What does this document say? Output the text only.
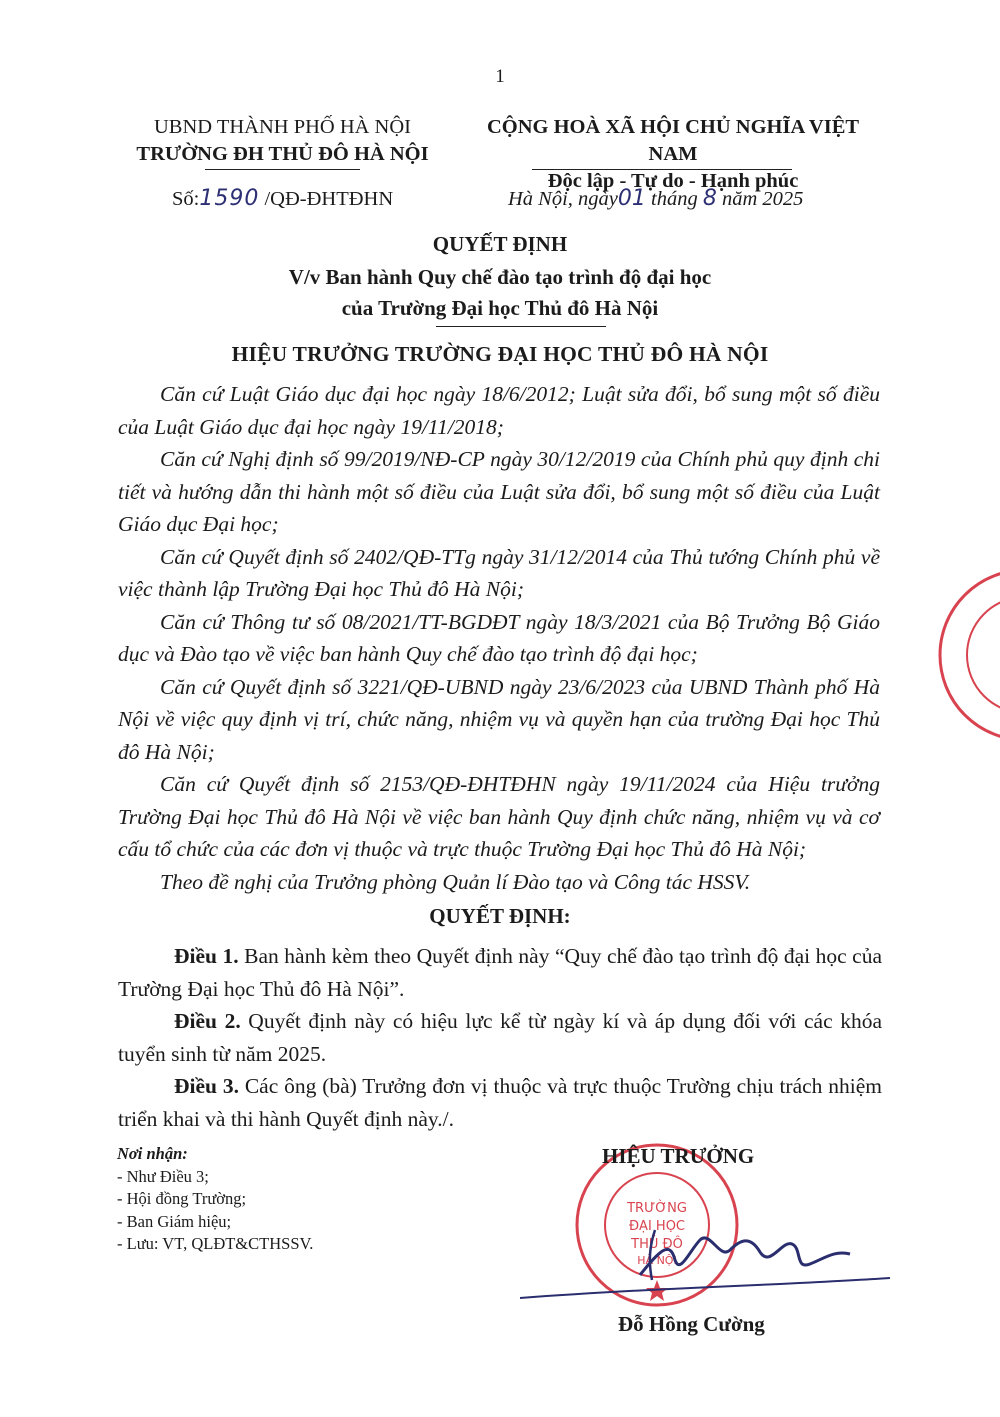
1
UBND THÀNH PHỐ HÀ NỘI
TRƯỜNG ĐH THỦ ĐÔ HÀ NỘI
CỘNG HOÀ XÃ HỘI CHỦ NGHĨA VIỆT NAM
Độc lập - Tự do - Hạnh phúc
Số:1590 /QĐ-ĐHTĐHN	Hà Nội, ngày01 tháng 8 năm 2025
QUYẾT ĐỊNH
V/v Ban hành Quy chế đào tạo trình độ đại học
của Trường Đại học Thủ đô Hà Nội
HIỆU TRƯỞNG TRƯỜNG ĐẠI HỌC THỦ ĐÔ HÀ NỘI

Căn cứ Luật Giáo dục đại học ngày 18/6/2012; Luật sửa đổi, bổ sung một số điều của Luật Giáo dục đại học ngày 19/11/2018;

Căn cứ Nghị định số 99/2019/NĐ-CP ngày 30/12/2019 của Chính phủ quy định chi tiết và hướng dẫn thi hành một số điều của Luật sửa đổi, bổ sung một số điều của Luật Giáo dục Đại học;

Căn cứ Quyết định số 2402/QĐ-TTg ngày 31/12/2014 của Thủ tướng Chính phủ về việc thành lập Trường Đại học Thủ đô Hà Nội;

Căn cứ Thông tư số 08/2021/TT-BGDĐT ngày 18/3/2021 của Bộ Trưởng Bộ Giáo dục và Đào tạo về việc ban hành Quy chế đào tạo trình độ đại học;

Căn cứ Quyết định số 3221/QĐ-UBND ngày 23/6/2023 của UBND Thành phố Hà Nội về việc quy định vị trí, chức năng, nhiệm vụ và quyền hạn của trường Đại học Thủ đô Hà Nội;

Căn cứ Quyết định số 2153/QĐ-ĐHTĐHN ngày 19/11/2024 của Hiệu trưởng Trường Đại học Thủ đô Hà Nội về việc ban hành Quy định chức năng, nhiệm vụ và cơ cấu tổ chức của các đơn vị thuộc và trực thuộc Trường Đại học Thủ đô Hà Nội;

Theo đề nghị của Trưởng phòng Quản lí Đào tạo và Công tác HSSV.

QUYẾT ĐỊNH:

Điều 1. Ban hành kèm theo Quyết định này “Quy chế đào tạo trình độ đại học của Trường Đại học Thủ đô Hà Nội”.

Điều 2. Quyết định này có hiệu lực kể từ ngày kí và áp dụng đối với các khóa tuyển sinh từ năm 2025.

Điều 3. Các ông (bà) Trưởng đơn vị thuộc và trực thuộc Trường chịu trách nhiệm triển khai và thi hành Quyết định này./.

Nơi nhận:
- Như Điều 3;
- Hội đồng Trường;
- Ban Giám hiệu;
- Lưu: VT, QLĐT&CTHSSV.
TRƯỜNG
ĐẠI HỌC
THỦ ĐÔ
HÀ NỘI
HIỆU TRƯỞNG
Đỗ Hồng Cường
